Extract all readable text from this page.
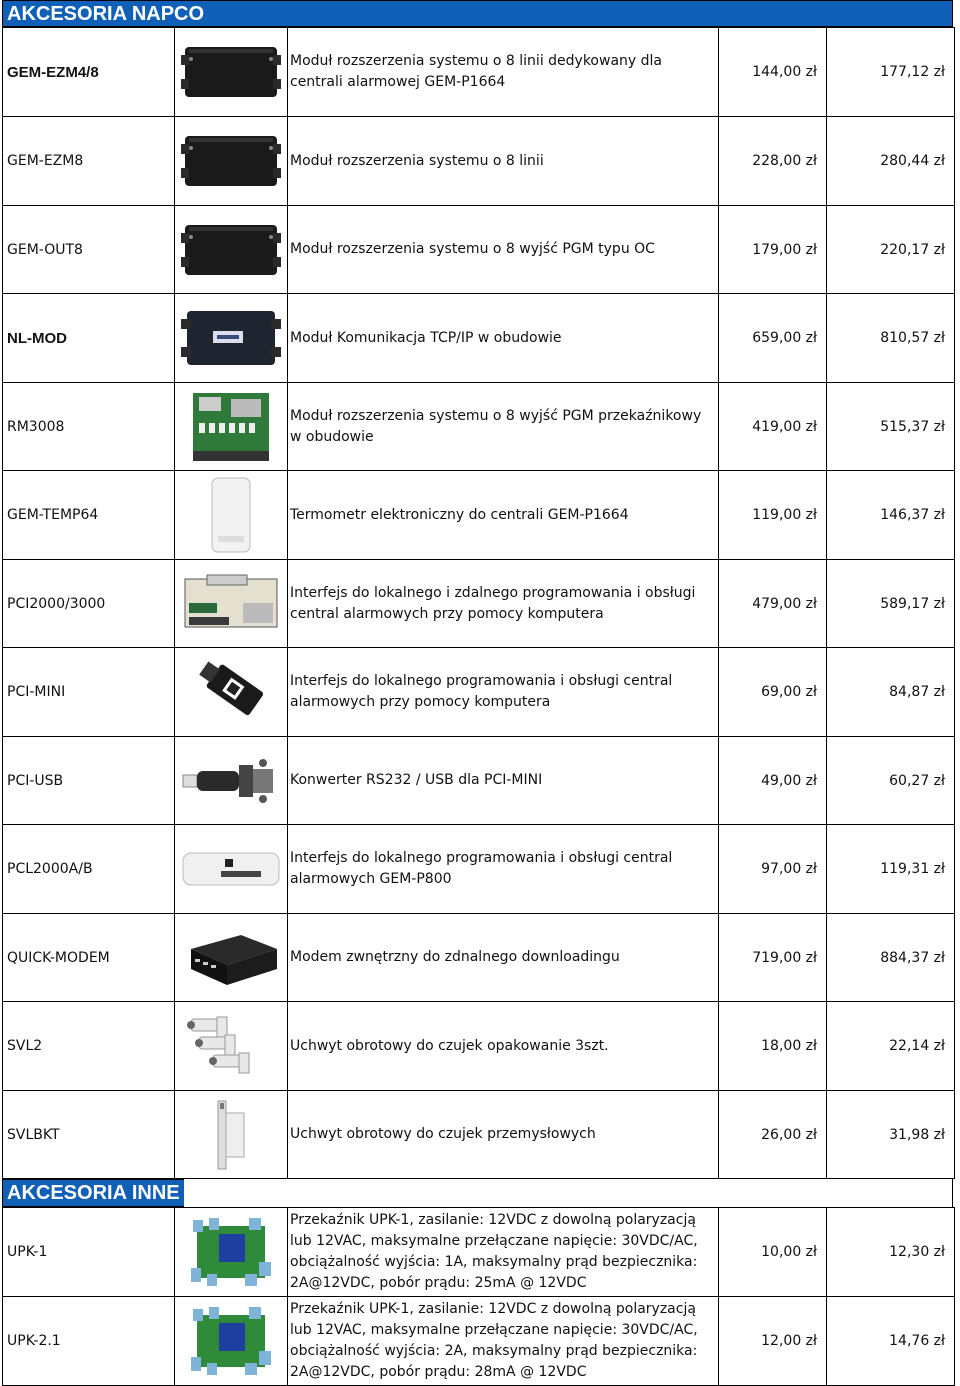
AKCESORIA NAPCO
GEM-EZM4/8		Moduł rozszerzenia systemu o 8 linii dedykowany dla centrali alarmowej GEM-P1664	144,00 zł	177,12 zł
GEM-EZM8		Moduł rozszerzenia systemu o 8 linii	228,00 zł	280,44 zł
GEM-OUT8		Moduł rozszerzenia systemu o 8 wyjść PGM typu OC	179,00 zł	220,17 zł
NL-MOD		Moduł Komunikacja TCP/IP w obudowie	659,00 zł	810,57 zł
RM3008		Moduł rozszerzenia systemu o 8 wyjść PGM przekaźnikowy w obudowie	419,00 zł	515,37 zł
GEM-TEMP64		Termometr elektroniczny do centrali GEM-P1664	119,00 zł	146,37 zł
PCI2000/3000		Interfejs do lokalnego i zdalnego programowania i obsługi central alarmowych przy pomocy komputera	479,00 zł	589,17 zł
PCI-MINI		Interfejs do lokalnego programowania i obsługi central alarmowych przy pomocy komputera	69,00 zł	84,87 zł
PCI-USB		Konwerter RS232 / USB dla PCI-MINI	49,00 zł	60,27 zł
PCL2000A/B		Interfejs do lokalnego programowania i obsługi central alarmowych GEM-P800	97,00 zł	119,31 zł
QUICK-MODEM		Modem zwnętrzny do zdnalnego downloadingu	719,00 zł	884,37 zł
SVL2		Uchwyt obrotowy do czujek opakowanie 3szt.	18,00 zł	22,14 zł
SVLBKT		Uchwyt obrotowy do czujek przemysłowych	26,00 zł	31,98 zł
AKCESORIA INNE
UPK-1		Przekaźnik UPK-1, zasilanie: 12VDC z dowolną polaryzacją lub 12VAC, maksymalne przełączane napięcie: 30VDC/AC, obciążalność wyjścia: 1A, maksymalny prąd bezpiecznika: 2A@12VDC, pobór prądu: 25mA @ 12VDC	10,00 zł	12,30 zł
UPK-2.1		Przekaźnik UPK-1, zasilanie: 12VDC z dowolną polaryzacją lub 12VAC, maksymalne przełączane napięcie: 30VDC/AC, obciążalność wyjścia: 2A, maksymalny prąd bezpiecznika: 2A@12VDC, pobór prądu: 28mA @ 12VDC	12,00 zł	14,76 zł
